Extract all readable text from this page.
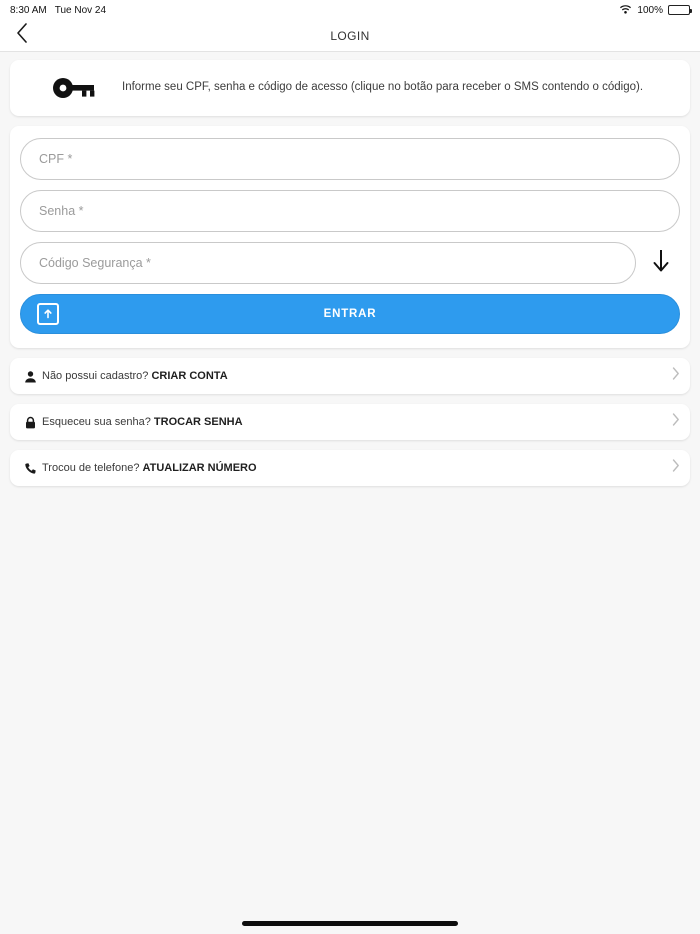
8:30 AM Tue Nov 24	100%
LOGIN
Informe seu CPF, senha e código de acesso (clique no botão para receber o SMS contendo o código).
CPF *
Código Segurança *
ENTRAR
Não possui cadastro? CRIAR CONTA
Esqueceu sua senha? TROCAR SENHA
Trocou de telefone? ATUALIZAR NÚMERO
